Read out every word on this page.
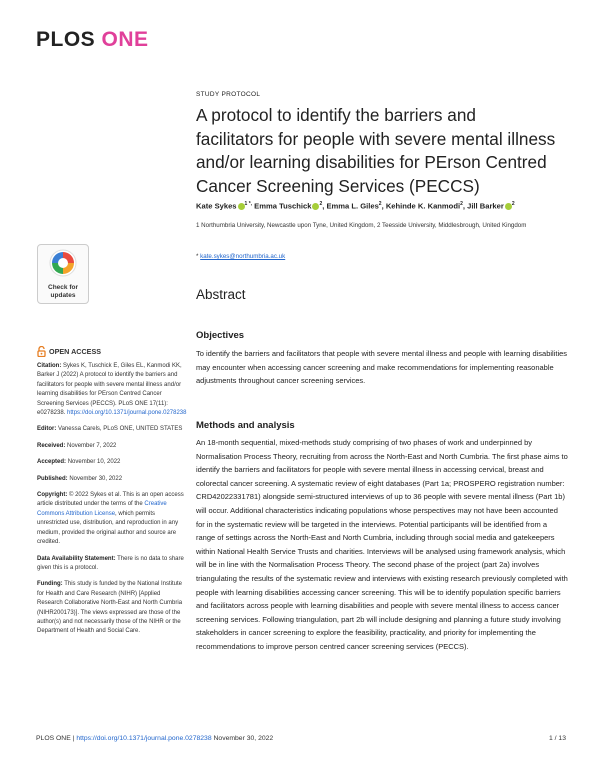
PLOS ONE
Check for
updates
STUDY PROTOCOL
A protocol to identify the barriers and facilitators for people with severe mental illness and/or learning disabilities for PErson Centred Cancer Screening Services (PECCS)
Kate Sykes $^{1 *,}$ Emma Tuschick $^2$, Emma L. Giles$^2$, Kehinde K. Kanmodi$^2$, Jill Barker $^2$
1 Northumbria University, Newcastle upon Tyne, United Kingdom, 2 Teesside University, Middlesbrough, United Kingdom
* kate.sykes@northumbria.ac.uk
Abstract
OPEN ACCESS

Citation: Sykes K, Tuschick E, Giles EL, Kanmodi KK, Barker J (2022) A protocol to identify the barriers and facilitators for people with severe mental illness and/or learning disabilities for PErson Centred Cancer Screening Services (PECCS). PLoS ONE 17(11): e0278238. https://doi.org/10.1371/journal.pone.0278238

Editor: Vanessa Carels, PLoS ONE, UNITED STATES

Received: November 7, 2022

Accepted: November 10, 2022

Published: November 30, 2022

Copyright: © 2022 Sykes et al. This is an open access article distributed under the terms of the Creative Commons Attribution License, which permits unrestricted use, distribution, and reproduction in any medium, provided the original author and source are credited.

Data Availability Statement: There is no data to share given this is a protocol.

Funding: This study is funded by the National Institute for Health and Care Research (NIHR) [Applied Research Collaborative North-East and North Cumbria (NIHR200173)]. The views expressed are those of the author(s) and not necessarily those of the NIHR or the Department of Health and Social Care.

Objectives

To identify the barriers and facilitators that people with severe mental illness and people with learning disabilities may encounter when accessing cancer screening and make recommendations for implementing reasonable adjustments throughout cancer screening services.

Methods and analysis

An 18-month sequential, mixed-methods study comprising of two phases of work and underpinned by Normalisation Process Theory, recruiting from across the North-East and North Cumbria. The first phase aims to identify the barriers and facilitators for people with severe mental illness in accessing cervical, breast and colorectal cancer screening. A systematic review of eight databases (Part 1a; PROSPERO registration number: CRD42022331781) alongside semi-structured interviews of up to 36 people with severe mental illness (Part 1b) will occur. Additional characteristics indicating populations whose perspectives may not have been accounted for in the systematic review will be targeted in the interviews. Potential participants will be identified from a range of settings across the North-East and North Cumbria, including through social media and gatekeepers within National Health Service Trusts and charities. Interviews will be analysed using framework analysis, which will be in line with the Normalisation Process Theory. The second phase of the project (part 2a) involves triangulating the results of the systematic review and interviews with existing research previously completed with people with learning disabilities accessing cancer screening. This will be to identify population specific barriers and facilitators across people with learning disabilities and people with severe mental illness to access cancer screening services. Following triangulation, part 2b will include designing and planning a future study involving stakeholders in cancer screening to explore the feasibility, practicality, and priority for implementing the recommendations to improve person centred cancer screening services (PECCS).

PLOS ONE | https://doi.org/10.1371/journal.pone.0278238 November 30, 2022	1 / 13
